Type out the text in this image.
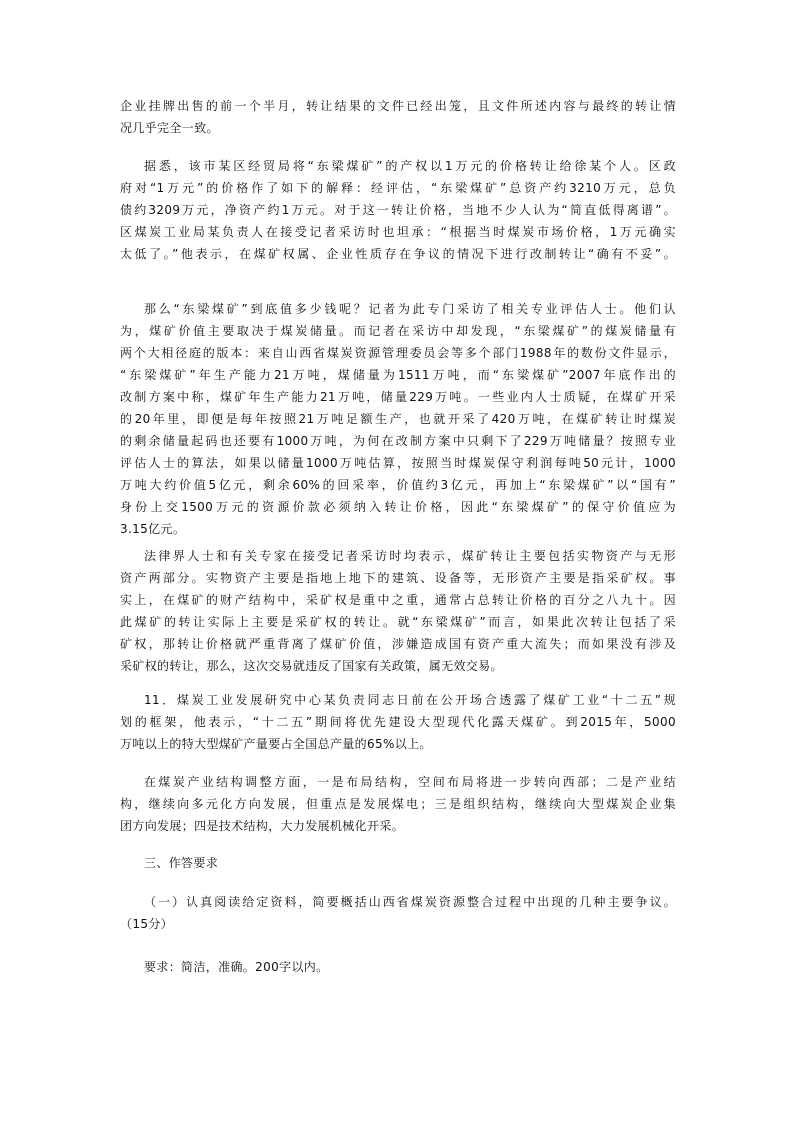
企业挂牌出售的前一个半月，转让结果的文件已经出笼，且文件所述内容与最终的转让情
况几乎完全一致。
据悉，该市某区经贸局将“东梁煤矿”的产权以1万元的价格转让给徐某个人。区政
府对“1万元”的价格作了如下的解释：经评估，“东梁煤矿”总资产约3210万元，总负
债约3209万元，净资产约1万元。对于这一转让价格，当地不少人认为“简直低得离谱”。
区煤炭工业局某负责人在接受记者采访时也坦承：“根据当时煤炭市场价格，1万元确实
太低了。”他表示，在煤矿权属、企业性质存在争议的情况下进行改制转让“确有不妥”。
那么“东梁煤矿”到底值多少钱呢？记者为此专门采访了相关专业评估人士。他们认
为，煤矿价值主要取决于煤炭储量。而记者在采访中却发现，“东梁煤矿”的煤炭储量有
两个大相径庭的版本：来自山西省煤炭资源管理委员会等多个部门1988年的数份文件显示，
“东梁煤矿”年生产能力21万吨，煤储量为1511万吨，而“东梁煤矿”2007年底作出的
改制方案中称，煤矿年生产能力21万吨，储量229万吨。一些业内人士质疑，在煤矿开采
的20年里，即便是每年按照21万吨足额生产，也就开采了420万吨，在煤矿转让时煤炭
的剩余储量起码也还要有1000万吨，为何在改制方案中只剩下了229万吨储量？按照专业
评估人士的算法，如果以储量1000万吨估算，按照当时煤炭保守利润每吨50元计，1000
万吨大约价值5亿元，剩余60%的回采率，价值约3亿元，再加上“东梁煤矿”以“国有”
身份上交1500万元的资源价款必须纳入转让价格，因此“东梁煤矿”的保守价值应为
3.15亿元。
法律界人士和有关专家在接受记者采访时均表示，煤矿转让主要包括实物资产与无形
资产两部分。实物资产主要是指地上地下的建筑、设备等，无形资产主要是指采矿权。事
实上，在煤矿的财产结构中，采矿权是重中之重，通常占总转让价格的百分之八九十。因
此煤矿的转让实际上主要是采矿权的转让。就“东梁煤矿”而言，如果此次转让包括了采
矿权，那转让价格就严重背离了煤矿价值，涉嫌造成国有资产重大流失；而如果没有涉及
采矿权的转让，那么，这次交易就违反了国家有关政策，属无效交易。
11．煤炭工业发展研究中心某负责同志日前在公开场合透露了煤矿工业“十二五”规
划的框架，他表示，“十二五”期间将优先建设大型现代化露天煤矿。到2015年，5000
万吨以上的特大型煤矿产量要占全国总产量的65%以上。
在煤炭产业结构调整方面，一是布局结构，空间布局将进一步转向西部；二是产业结
构，继续向多元化方向发展，但重点是发展煤电；三是组织结构，继续向大型煤炭企业集
团方向发展；四是技术结构，大力发展机械化开采。
三、作答要求
（一）认真阅读给定资料，简要概括山西省煤炭资源整合过程中出现的几种主要争议。
（15分）
要求：简洁，准确。200字以内。
